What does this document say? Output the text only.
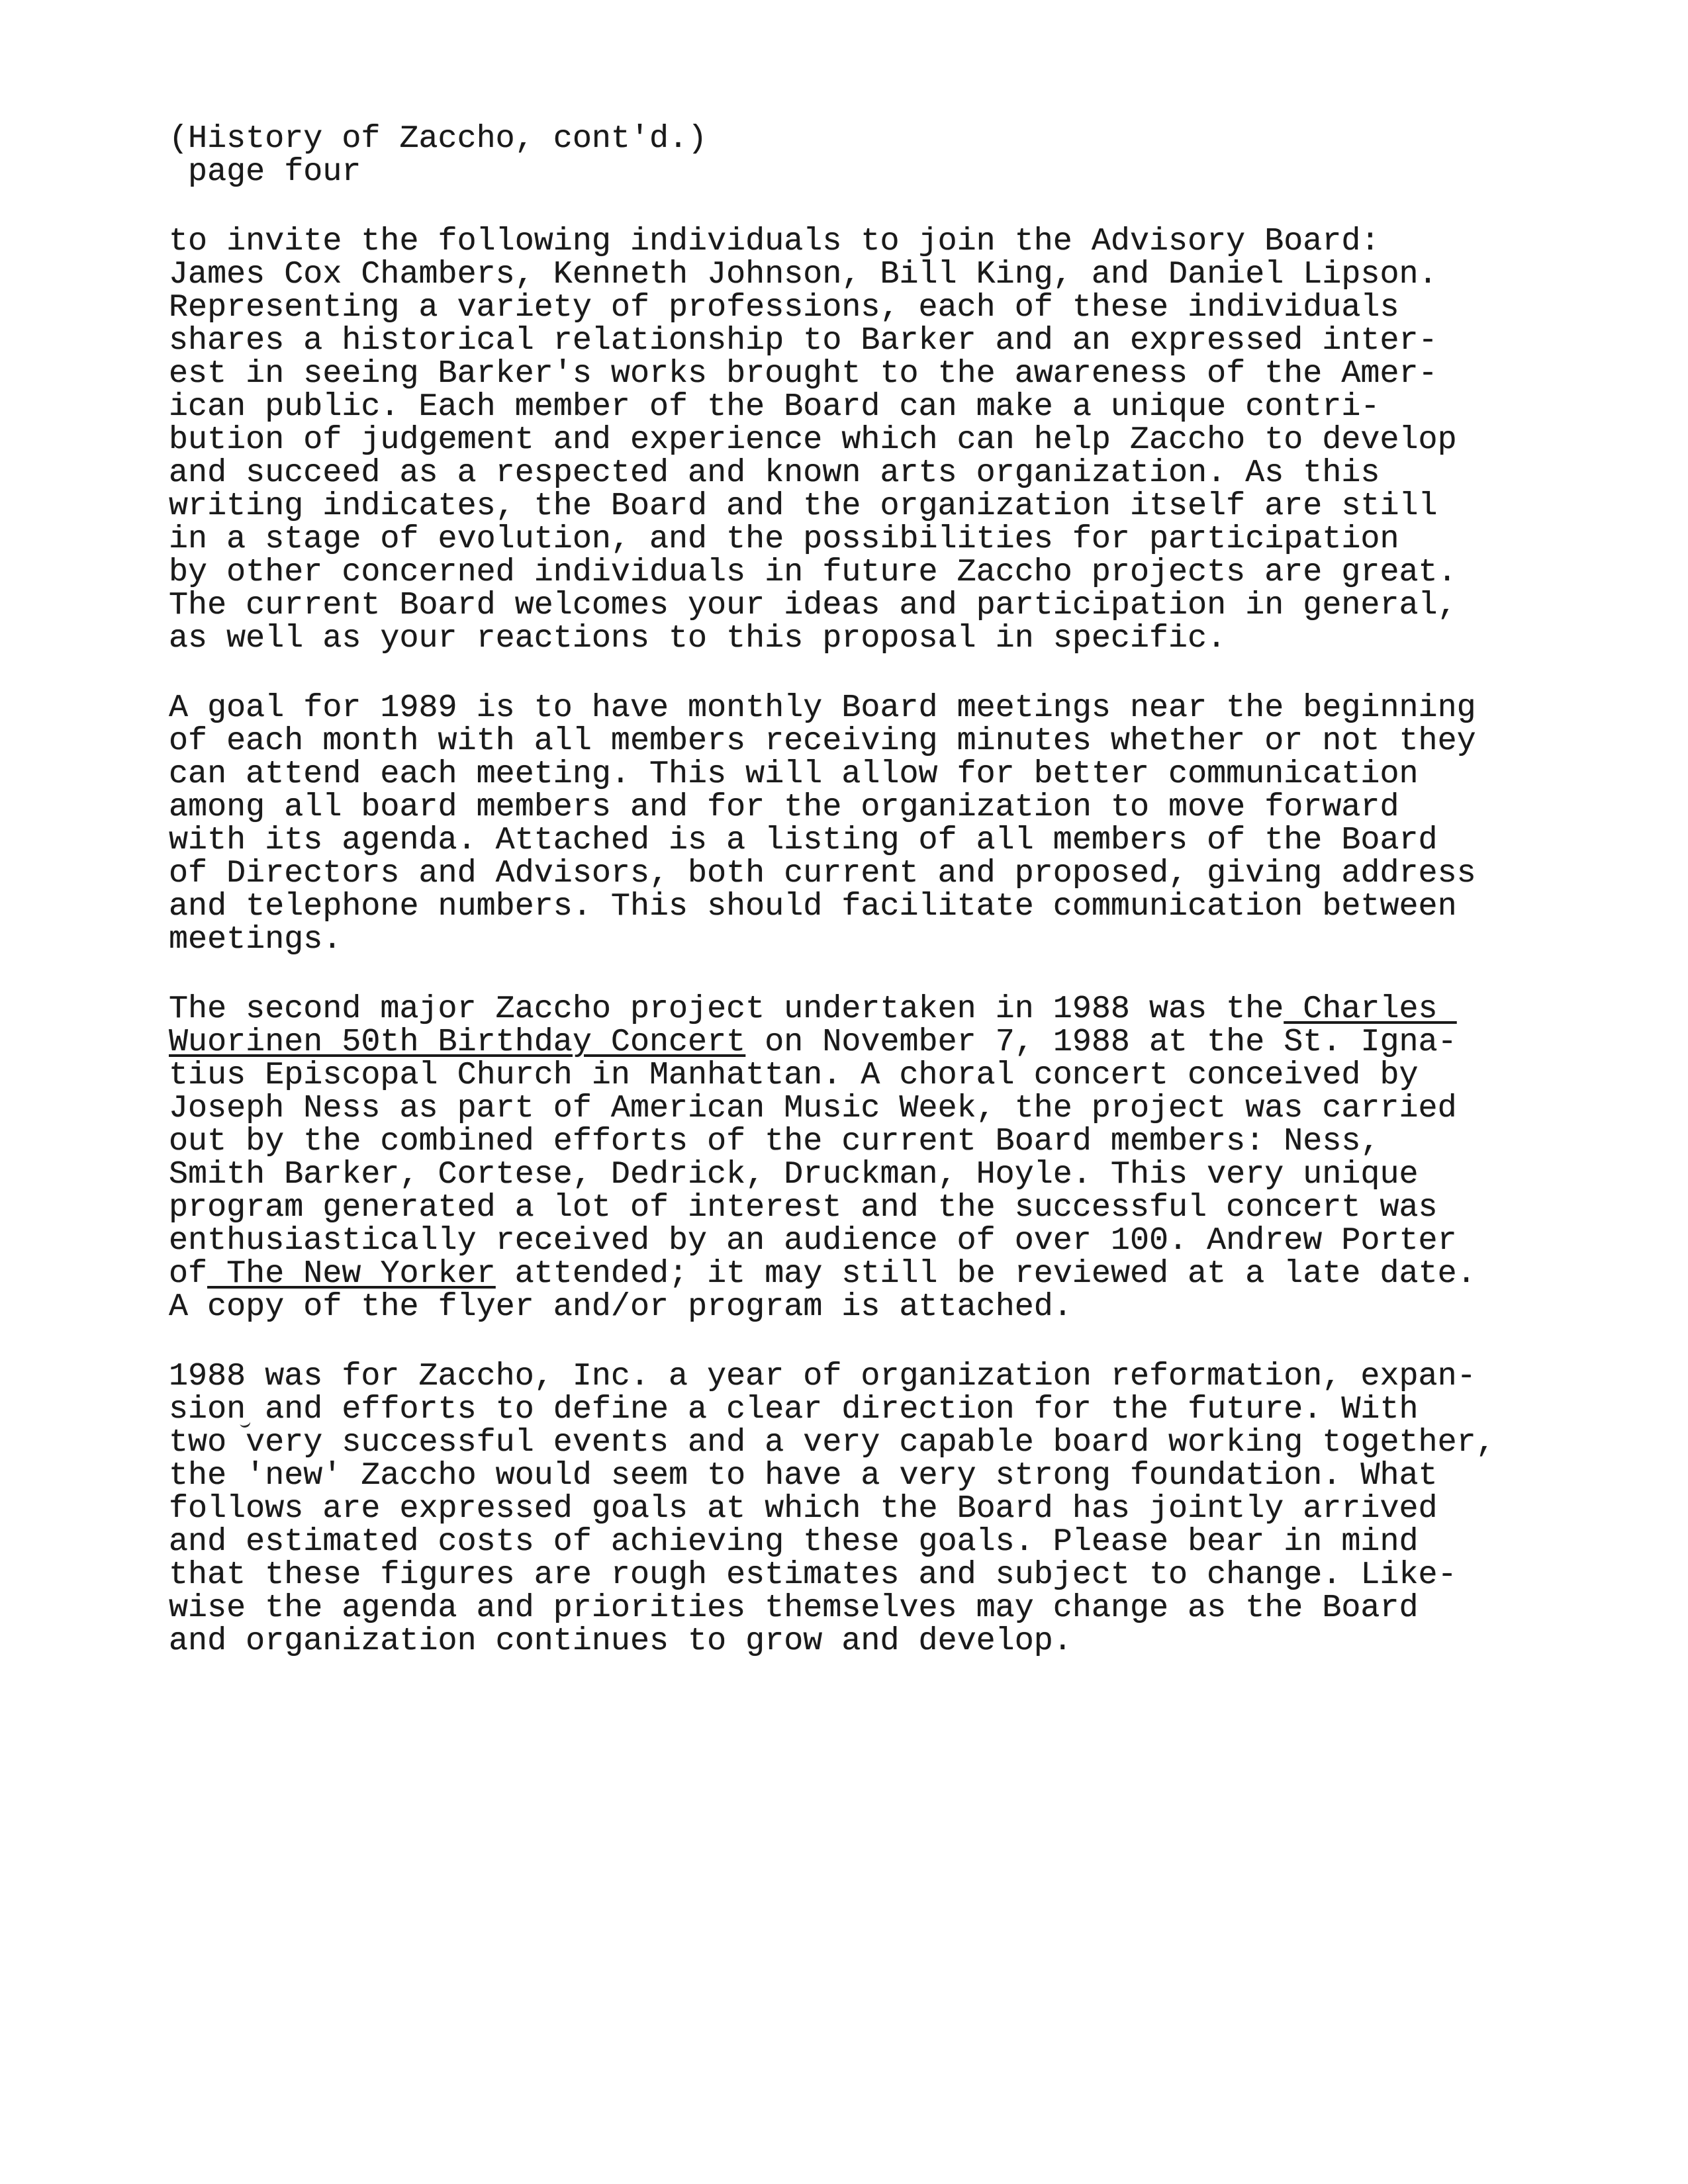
(History of Zaccho, cont'd.)
page four

to invite the following individuals to join the Advisory Board:
James Cox Chambers, Kenneth Johnson, Bill King, and Daniel Lipson.
Representing a variety of professions, each of these individuals
shares a historical relationship to Barker and an expressed inter-
est in seeing Barker's works brought to the awareness of the Amer-
ican public. Each member of the Board can make a unique contri-
bution of judgement and experience which can help Zaccho to develop
and succeed as a respected and known arts organization. As this
writing indicates, the Board and the organization itself are still
in a stage of evolution, and the possibilities for participation
by other concerned individuals in future Zaccho projects are great.
The current Board welcomes your ideas and participation in general,
as well as your reactions to this proposal in specific.

A goal for 1989 is to have monthly Board meetings near the beginning
of each month with all members receiving minutes whether or not they
can attend each meeting. This will allow for better communication
among all board members and for the organization to move forward
with its agenda. Attached is a listing of all members of the Board
of Directors and Advisors, both current and proposed, giving address
and telephone numbers. This should facilitate communication between
meetings.

The second major Zaccho project undertaken in 1988 was the Charles
Wuorinen 50th Birthday Concert on November 7, 1988 at the St. Igna-
tius Episcopal Church in Manhattan. A choral concert conceived by
Joseph Ness as part of American Music Week, the project was carried
out by the combined efforts of the current Board members: Ness,
Smith Barker, Cortese, Dedrick, Druckman, Hoyle. This very unique
program generated a lot of interest and the successful concert was
enthusiastically received by an audience of over 100. Andrew Porter
of The New Yorker attended; it may still be reviewed at a late date.
A copy of the flyer and/or program is attached.

1988 was for Zaccho, Inc. a year of organization reformation, expan-
sion and efforts to define a clear direction for the future. With
two very successful events and a very capable board working together,
the 'new' Zaccho would seem to have a very strong foundation. What
follows are expressed goals at which the Board has jointly arrived
and estimated costs of achieving these goals. Please bear in mind
that these figures are rough estimates and subject to change. Like-
wise the agenda and priorities themselves may change as the Board
and organization continues to grow and develop.
